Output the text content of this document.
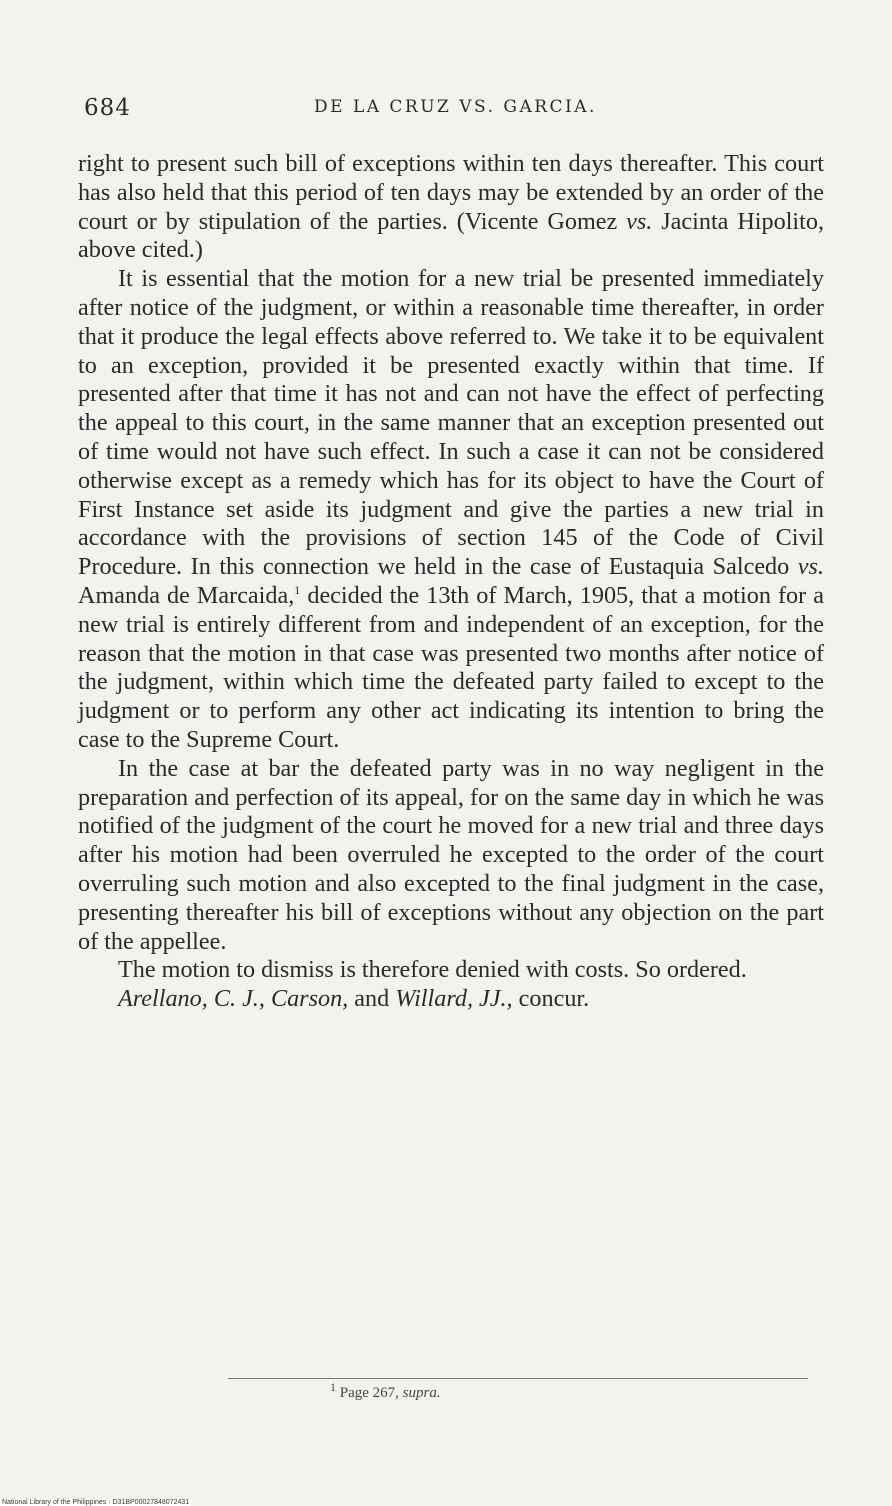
684	DE LA CRUZ VS. GARCIA.

right to present such bill of exceptions within ten days thereafter. This court has also held that this period of ten days may be extended by an order of the court or by stipulation of the parties. (Vicente Gomez vs. Jacinta Hipolito, above cited.)

It is essential that the motion for a new trial be presented immediately after notice of the judgment, or within a reasonable time thereafter, in order that it produce the legal effects above referred to. We take it to be equivalent to an exception, provided it be presented exactly within that time. If presented after that time it has not and can not have the effect of perfecting the appeal to this court, in the same manner that an exception presented out of time would not have such effect. In such a case it can not be considered otherwise except as a remedy which has for its object to have the Court of First Instance set aside its judgment and give the parties a new trial in accordance with the provisions of section 145 of the Code of Civil Procedure. In this connection we held in the case of Eustaquia Salcedo vs. Amanda de Marcaida,$^1$ decided the 13th of March, 1905, that a motion for a new trial is entirely different from and independent of an exception, for the reason that the motion in that case was presented two months after notice of the judgment, within which time the defeated party failed to except to the judgment or to perform any other act indicating its intention to bring the case to the Supreme Court.

In the case at bar the defeated party was in no way negligent in the preparation and perfection of its appeal, for on the same day in which he was notified of the judgment of the court he moved for a new trial and three days after his motion had been overruled he excepted to the order of the court overruling such motion and also excepted to the final judgment in the case, presenting thereafter his bill of exceptions without any objection on the part of the appellee.

The motion to dismiss is therefore denied with costs. So ordered.

Arellano, C. J., Carson, and Willard, JJ., concur.

$^1$ Page 267, supra.
National Library of the Philippines · D31BP00027848072431
